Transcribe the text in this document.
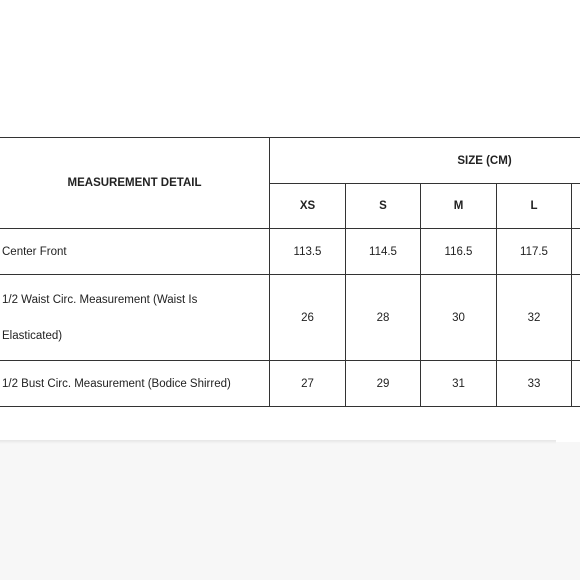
MEASUREMENT DETAIL	SIZE (CM)				
	XS	S	M	L	
Center Front	113.5	114.5	116.5	117.5	

1/2 Waist Circ. Measurement (Waist Is Elasticated)	26	28	30	32	
1/2 Bust Circ. Measurement (Bodice Shirred)	27	29	31	33	
